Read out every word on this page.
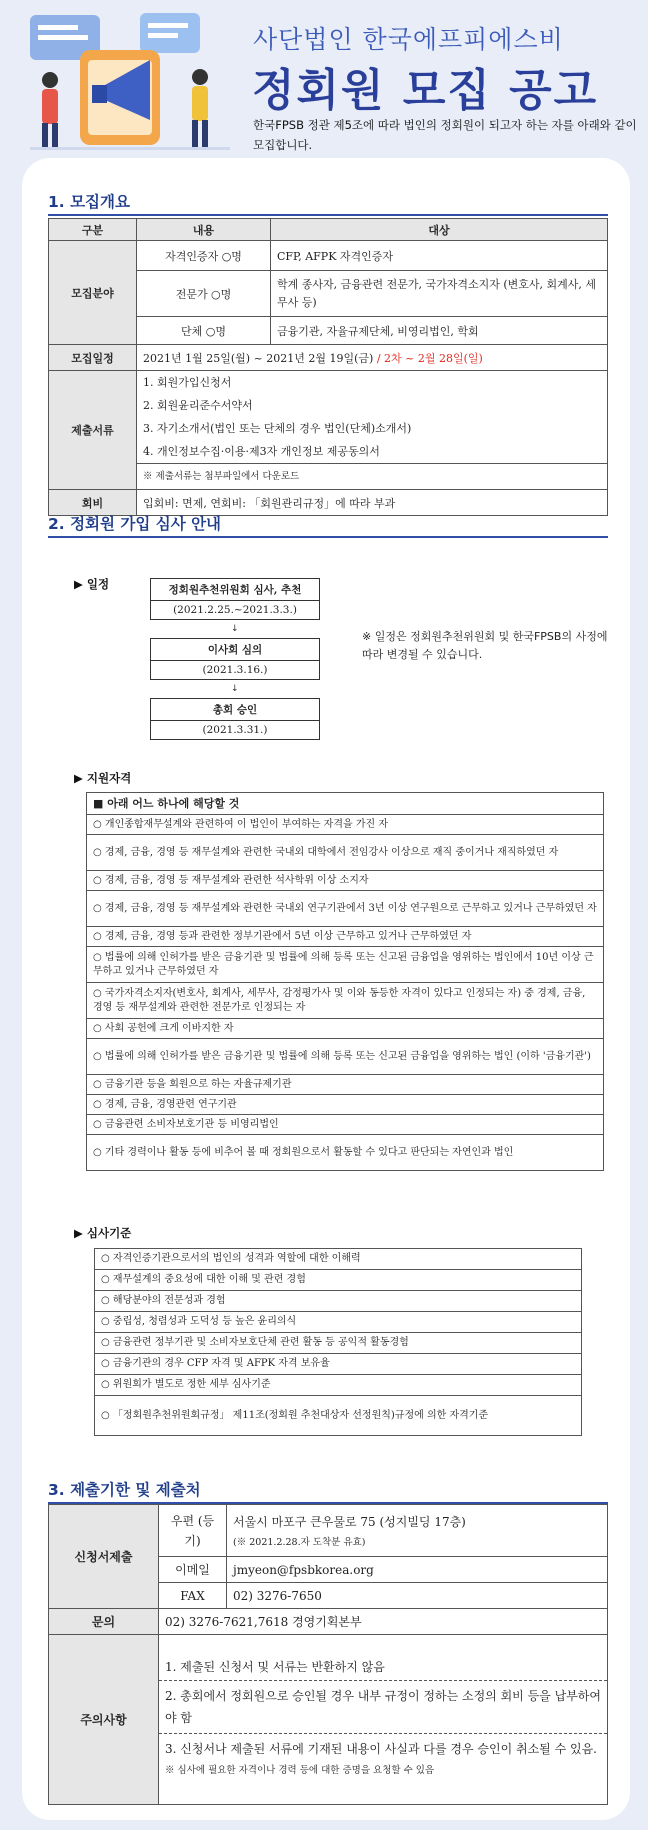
사단법인 한국에프피에스비
정회원 모집 공고
한국FPSB 정관 제5조에 따라 법인의 정회원이 되고자 하는 자를 아래와 같이 모집합니다.
1. 모집개요
구분	내용	대상
모집분야	자격인증자 ○명	CFP, AFPK 자격인증자
	전문가 ○명	학계 종사자, 금융관련 전문가, 국가자격소지자 (변호사, 회계사, 세무사 등)
	단체 ○명	금융기관, 자율규제단체, 비영리법인, 학회
모집일정	2021년 1월 25일(월) ~ 2021년 2월 19일(금) / 2차 ~ 2월 28일(일)	
제출서류	1. 회원가입신청서
2. 회원윤리준수서약서
3. 자기소개서(법인 또는 단체의 경우 법인(단체)소개서)
4. 개인정보수집·이용·제3자 개인정보 제공동의서
※ 제출서류는 첨부파일에서 다운로드	

회비	입회비: 면제, 연회비: 「회원관리규정」에 따라 부과	
2. 정회원 가입 심사 안내
▶ 일정	정회원추천위원회 심사, 추천
(2021.2.25.~2021.3.3.)
↓
이사회 심의
(2021.3.16.)
↓
총회 승인
(2021.3.31.)
※ 일정은 정회원추천위원회 및 한국FPSB의 사정에 따라 변경될 수 있습니다.
▶ 지원자격
■ 아래 어느 하나에 해당할 것
○ 개인종합재무설계와 관련하여 이 법인이 부여하는 자격을 가진 자
○ 경제, 금융, 경영 등 재무설계와 관련한 국내외 대학에서 전임강사 이상으로 재직 중이거나 재직하였던 자
○ 경제, 금융, 경영 등 재무설계와 관련한 석사학위 이상 소지자
○ 경제, 금융, 경영 등 재무설계와 관련한 국내외 연구기관에서 3년 이상 연구원으로 근무하고 있거나 근무하였던 자
○ 경제, 금융, 경영 등과 관련한 정부기관에서 5년 이상 근무하고 있거나 근무하였던 자
○ 법률에 의해 인허가를 받은 금융기관 및 법률에 의해 등록 또는 신고된 금융업을 영위하는 법인에서 10년 이상 근무하고 있거나 근무하였던 자
○ 국가자격소지자(변호사, 회계사, 세무사, 감정평가사 및 이와 동등한 자격이 있다고 인정되는 자) 중 경제, 금융, 경영 등 재무설계와 관련한 전문가로 인정되는 자
○ 사회 공헌에 크게 이바지한 자
○ 법률에 의해 인허가를 받은 금융기관 및 법률에 의해 등록 또는 신고된 금융업을 영위하는 법인 (이하 '금융기관')
○ 금융기관 등을 회원으로 하는 자율규제기관
○ 경제, 금융, 경영관련 연구기관
○ 금융관련 소비자보호기관 등 비영리법인
○ 기타 경력이나 활동 등에 비추어 볼 때 정회원으로서 활동할 수 있다고 판단되는 자연인과 법인
▶ 심사기준
○ 자격인증기관으로서의 법인의 성격과 역할에 대한 이해력
○ 재무설계의 중요성에 대한 이해 및 관련 경험
○ 해당분야의 전문성과 경험
○ 중립성, 청렴성과 도덕성 등 높은 윤리의식
○ 금융관련 정부기관 및 소비자보호단체 관련 활동 등 공익적 활동경험
○ 금융기관의 경우 CFP 자격 및 AFPK 자격 보유율
○ 위원회가 별도로 정한 세부 심사기준
○ 「정회원추천위원회규정」 제11조(정회원 추천대상자 선정원칙)규정에 의한 자격기준
3. 제출기한 및 제출처
신청서제출	우편 (등기)	서울시 마포구 큰우물로 75 (성지빌딩 17층)
(※ 2021.2.28.자 도착분 유효)

	이메일	jmyeon@fpsbkorea.org
	FAX	02) 3276-7650
문의	02) 3276-7621,7618 경영기획본부	
주의사항	1. 제출된 신청서 및 서류는 반환하지 않음
2. 총회에서 정회원으로 승인될 경우 내부 규정이 정하는 소정의 회비 등을 납부하여야 함
3. 신청서나 제출된 서류에 기재된 내용이 사실과 다를 경우 승인이 취소될 수 있음.
※ 심사에 필요한 자격이나 경력 등에 대한 증명을 요청할 수 있음	
